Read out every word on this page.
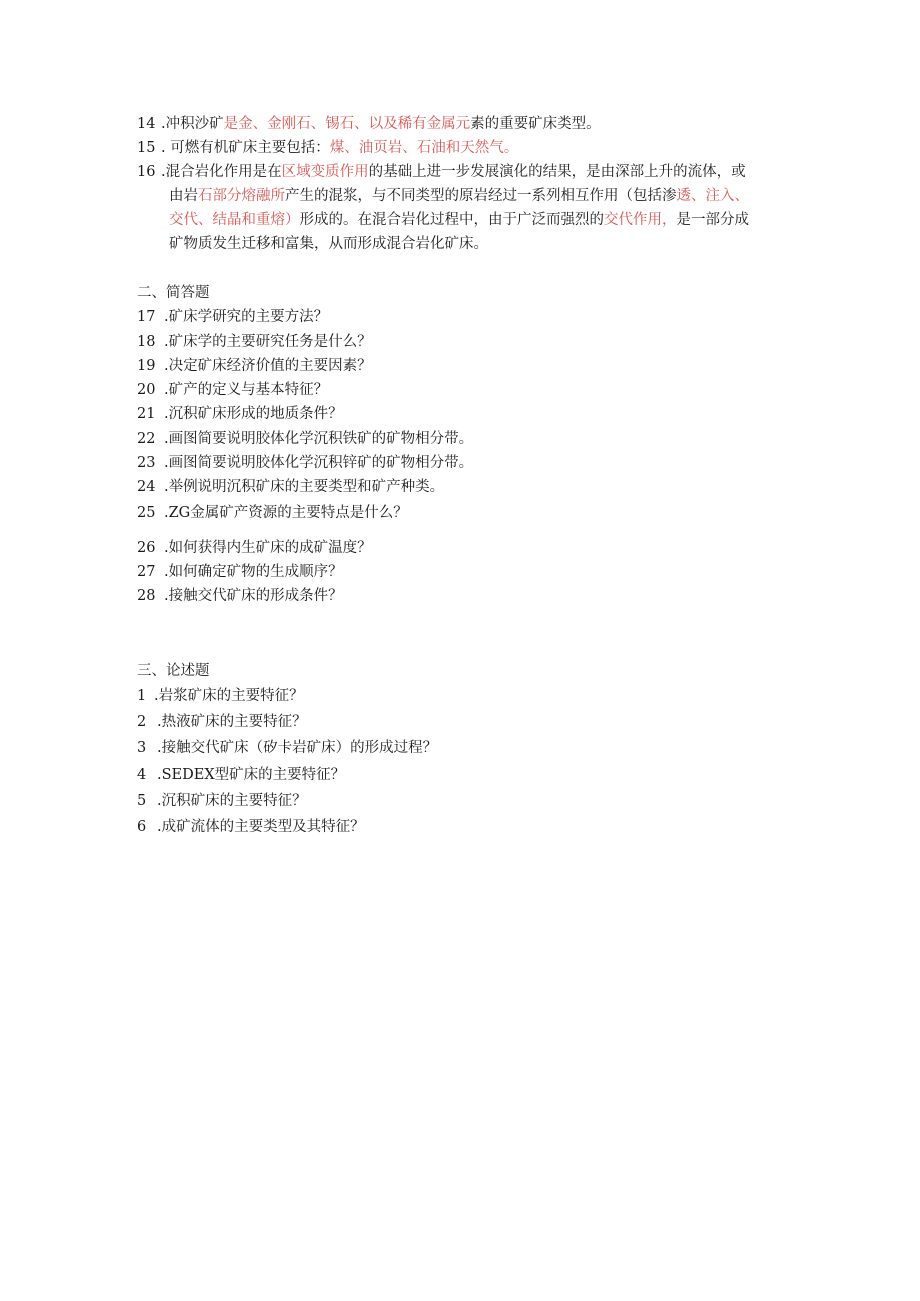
14 .冲积沙矿是金、金刚石、锡石、以及稀有金属元素的重要矿床类型。
15 . 可燃有机矿床主要包括：煤、油页岩、石油和天然气。
16 .混合岩化作用是在区域变质作用的基础上进一步发展演化的结果，是由深部上升的流体，或
由岩石部分熔融所产生的混浆，与不同类型的原岩经过一系列相互作用（包括渗透、注入、
交代、结晶和重熔）形成的。在混合岩化过程中，由于广泛而强烈的交代作用，是一部分成
矿物质发生迁移和富集，从而形成混合岩化矿床。
二、简答题
17 .矿床学研究的主要方法？
18 .矿床学的主要研究任务是什么？
19 .决定矿床经济价值的主要因素？
20 .矿产的定义与基本特征？
21 .沉积矿床形成的地质条件？
22 .画图简要说明胶体化学沉积铁矿的矿物相分带。
23 .画图简要说明胶体化学沉积锌矿的矿物相分带。
24 .举例说明沉积矿床的主要类型和矿产种类。
25 .ZG金属矿产资源的主要特点是什么？
26 .如何获得内生矿床的成矿温度？
27 .如何确定矿物的生成顺序？
28 .接触交代矿床的形成条件？
三、论述题
1 .岩浆矿床的主要特征？
2 .热液矿床的主要特征？
3 .接触交代矿床（矽卡岩矿床）的形成过程？
4 .SEDEX型矿床的主要特征？
5 .沉积矿床的主要特征？
6 .成矿流体的主要类型及其特征？
